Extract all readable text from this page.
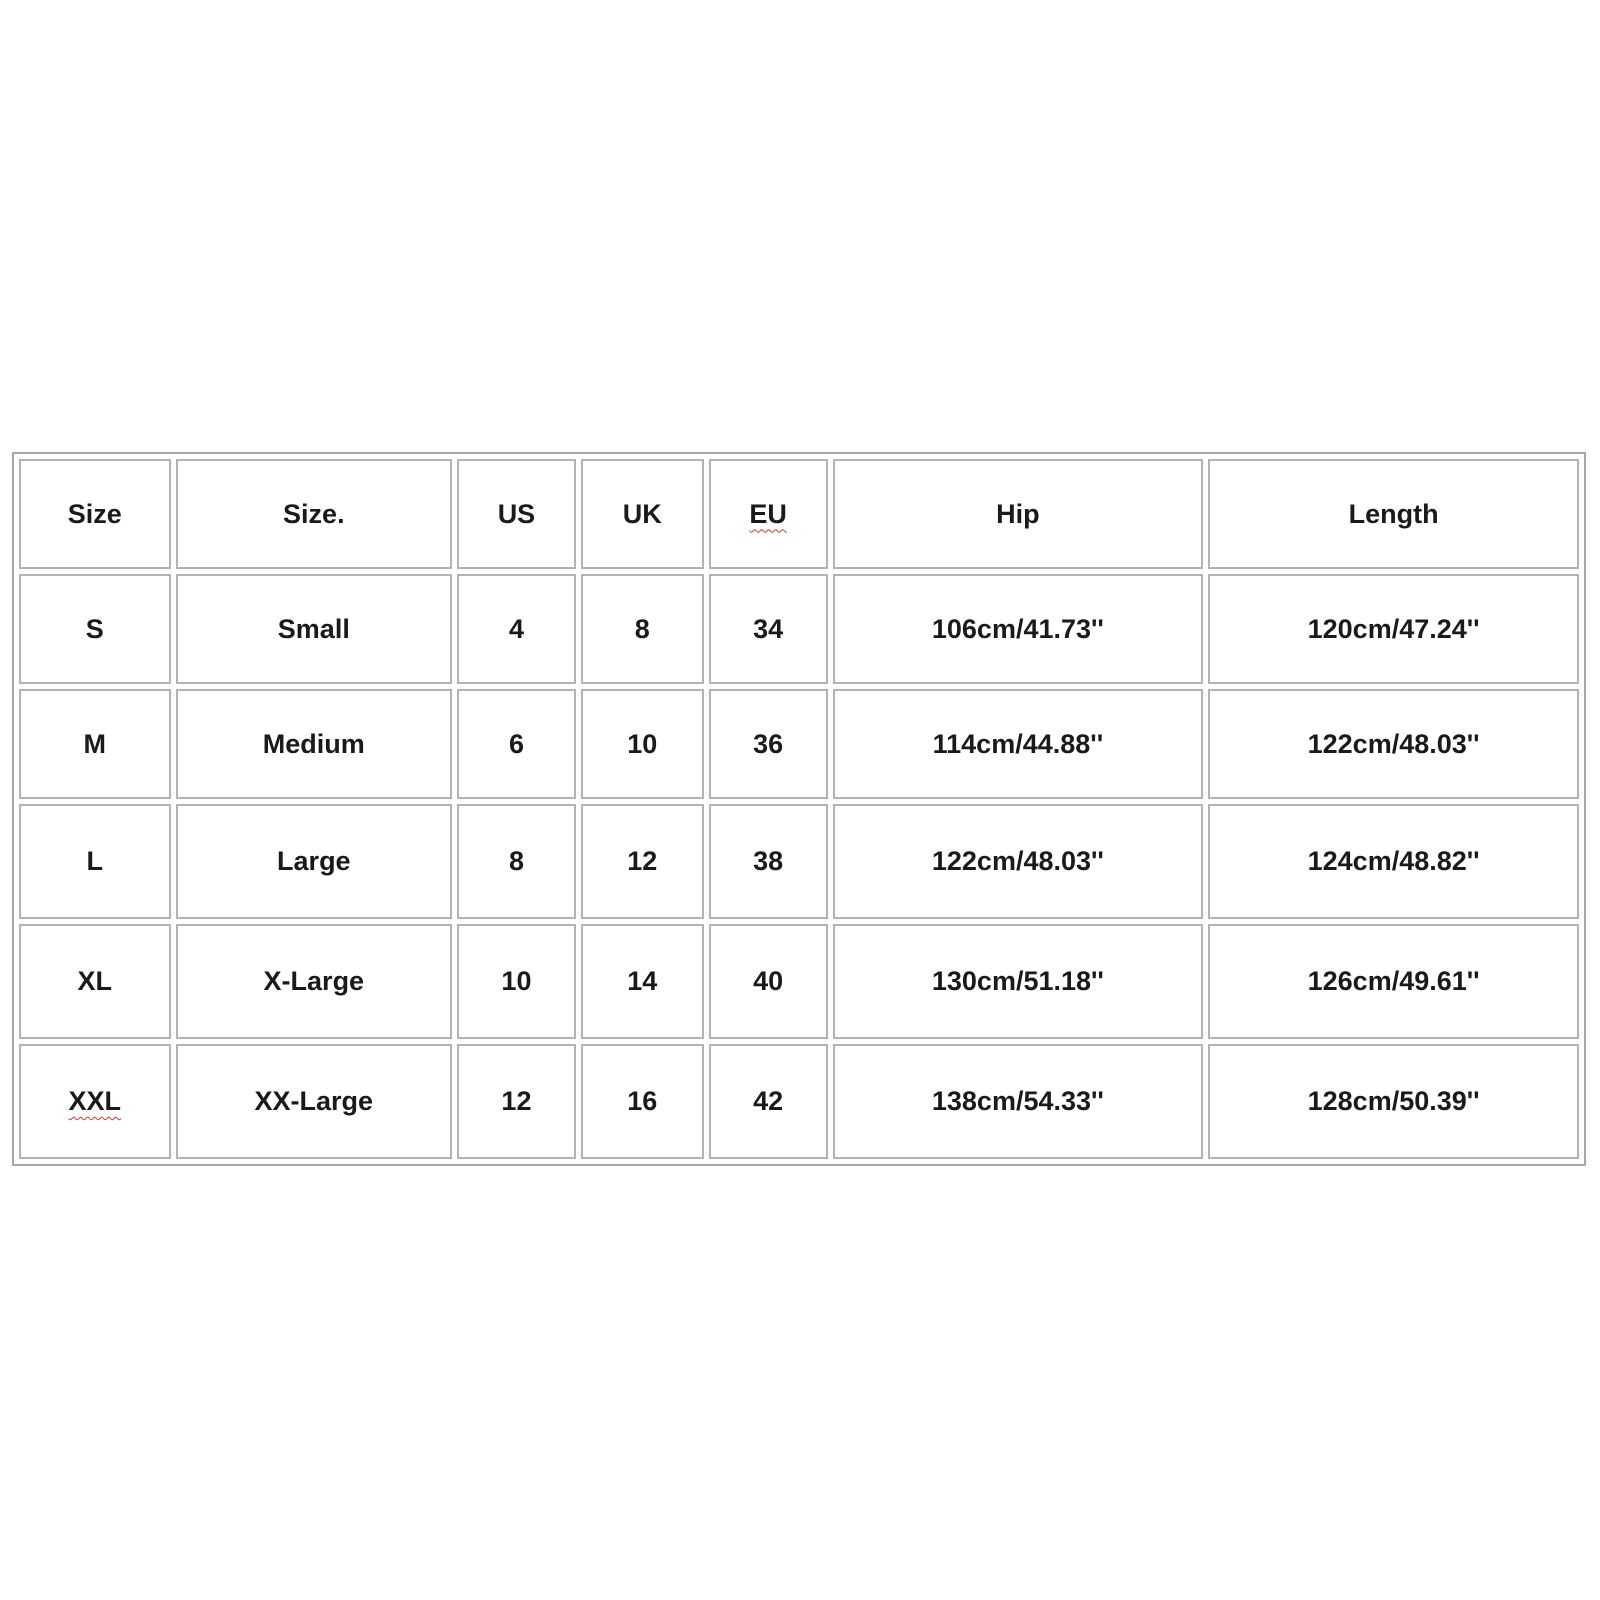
Size	Size.	US	UK	EU	Hip	Length
S	Small	4	8	34	106cm/41.73''	120cm/47.24''
M	Medium	6	10	36	114cm/44.88''	122cm/48.03''
L	Large	8	12	38	122cm/48.03''	124cm/48.82''
XL	X-Large	10	14	40	130cm/51.18''	126cm/49.61''
XXL	XX-Large	12	16	42	138cm/54.33''	128cm/50.39''
